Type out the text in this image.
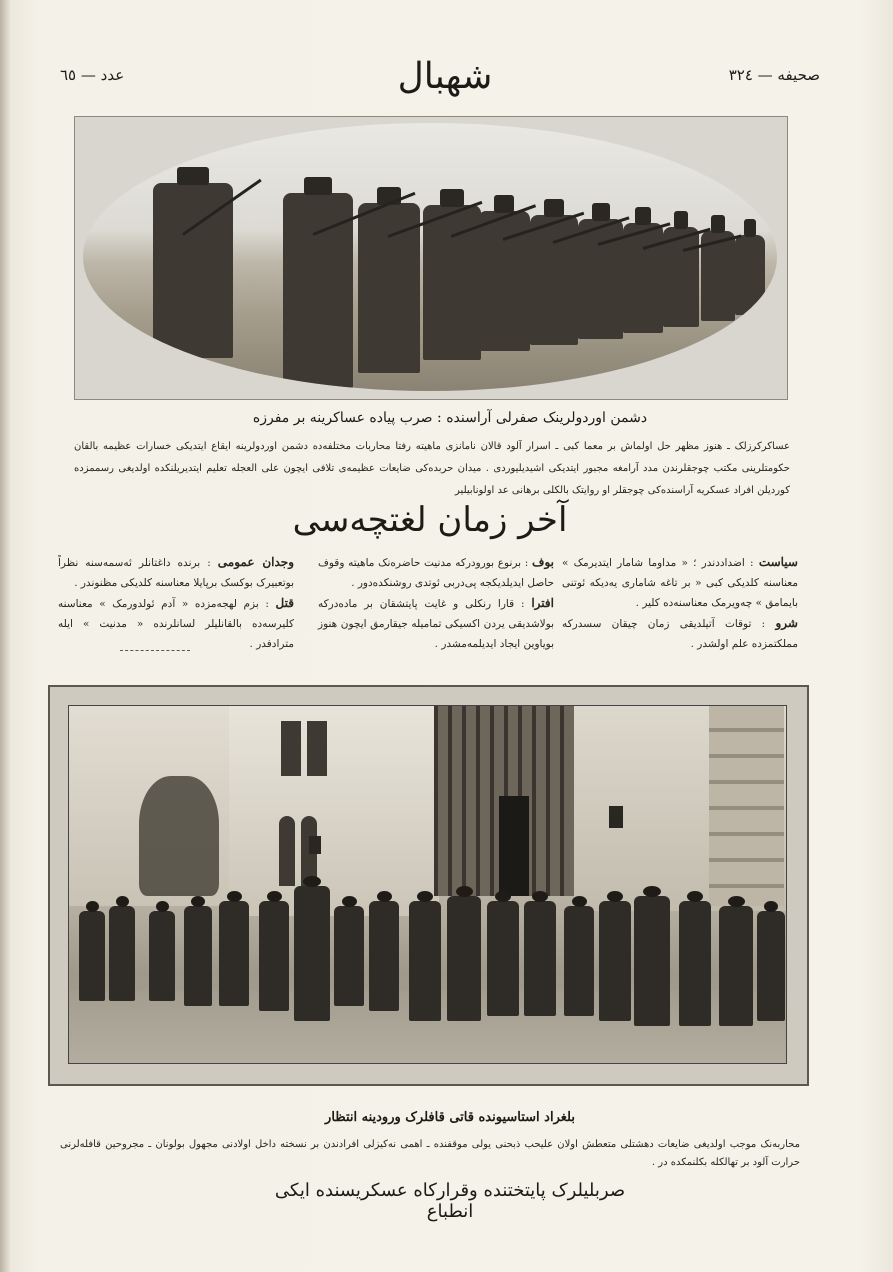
عدد — ٦٥	شهبال	صحیفه — ٣٢٤
دشمن اوردولرینک صفرلی آراسنده : صرب پیاده عساکرینه بر مفرزه
عساکرکرزلک ـ هنوز مظهر حل اولماش بر معما کبی ـ اسرار آلود قالان نامانزی ماهیته رفتا محاربات مختلفه‌ده دشمن اوردولرینه ایقاع ایتدیکی خسارات عظیمه بالقان حکومتلرینی مکتب چوجقلرندن مدد آرامغه مجبور ایتدیکی اشیدیلیوردی . میدان حربده‌کی ضایعات عظیمه‌ی تلافی ایچون علی العجله تعلیم ایتدیریلنکده اولدیغی رسممزده کوردیلن افراد عسکریه آراسنده‌کی چوجقلر او روایتک بالکلی برهانی عد اولونابیلیر
آخر زمان لغتچه‌سی
سیاست : اضدادد‌ندر ؛ « مداوما شامار ایتدیرمک » معناسنه کلدیکی کبی « بر تاغه شاماری یه‌دیکه ئوتنی بایمامق » چه‌ویرمک معناسنه‌ده کلیر .
شرو : توقات آتیلدیقی زمان چیقان سسدرکه مملکتمزده علم اولشدر .
بوف : برنوع بورودرکه مدنیت حاضره‌نک ماهیته وقوف حاصل ایدیلدیکجه پی‌دربی ئوتدی روشنکده‌دور .
افترا : قارا رنکلی و غایت پایتشقان بر ماده‌درکه بولاشدیقی یردن اکسیکی تمامیله جیقارمق ایچون هنوز بویاوین ایجاد ایدیلمه‌مشدر .
وجدان عمومی : برنده داغتانلر ئه‌سمه‌سنه نظراً بوتعبیرک بوکسک برپایلا معناسنه کلدیکی مظنوندر .
قتل : بزم لهجه‌مزده « آدم ئولدورمک » معناسنه کلیرسه‌ده بالقانلیلر لسانلرنده « مدنیت » ایله مترادفدر .
بلغراد استاسیونده قاتی قافلرک ورودینه انتظار
محاربه‌نک موجب اولدیغی ضایعات دهشتلی متعطش اولان علیحب ذبحنی یولی موقفنده ـ اهمی نه‌کیزلی افرادندن بر نسخته داخل اولادنی مجهول بولونان ـ مجروحین قافله‌لرنی حرارت آلود بر تهالکله بکلنمکده در .
صربلیلرک پایتختنده وقرارکاه عسکریسنده ایکی انطباع
